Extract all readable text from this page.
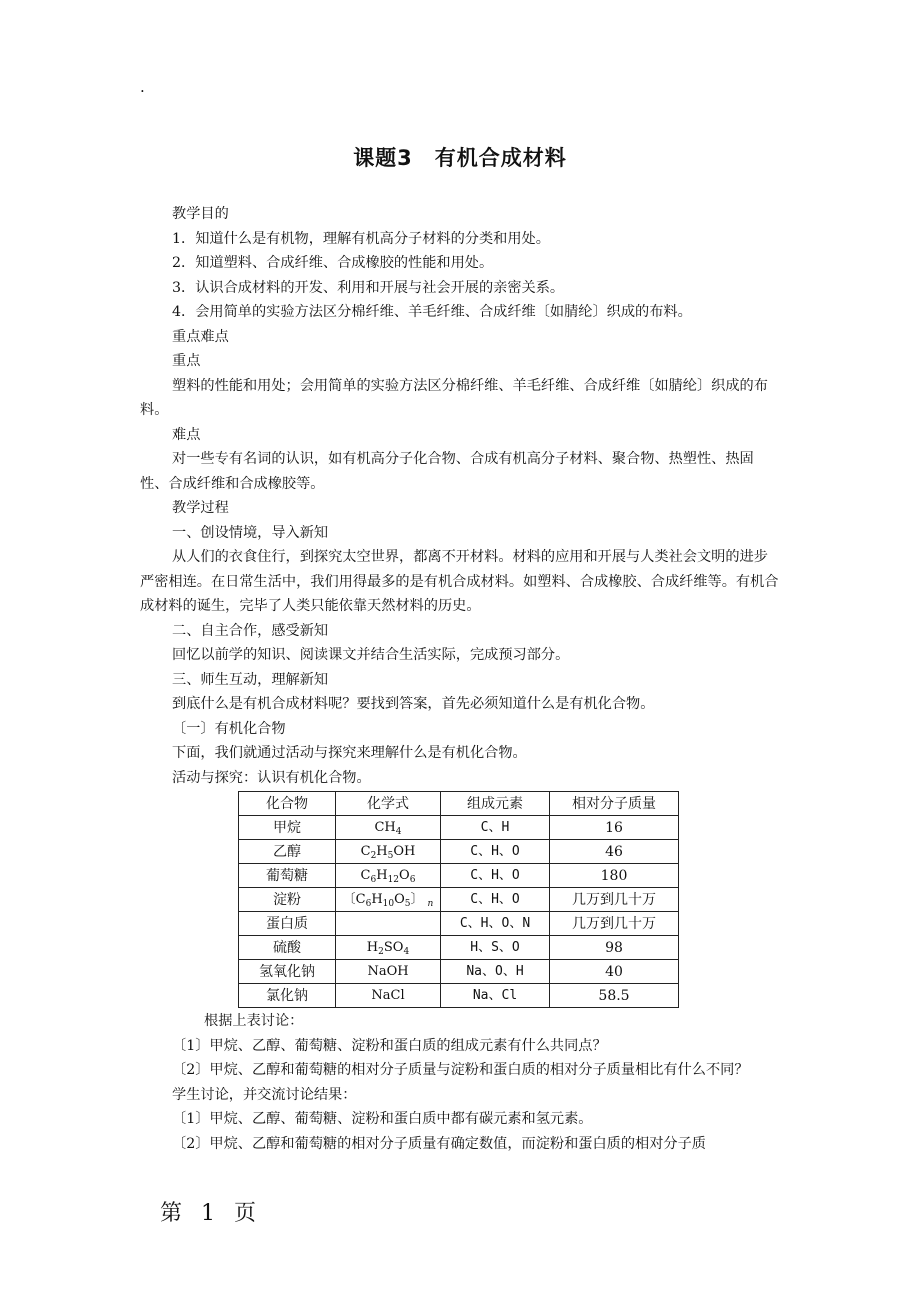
.
课题3　有机合成材料

教学目的

1．知道什么是有机物，理解有机高分子材料的分类和用处。

2．知道塑料、合成纤维、合成橡胶的性能和用处。

3．认识合成材料的开发、利用和开展与社会开展的亲密关系。

4．会用简单的实验方法区分棉纤维、羊毛纤维、合成纤维〔如腈纶〕织成的布料。

重点难点

重点

塑料的性能和用处；会用简单的实验方法区分棉纤维、羊毛纤维、合成纤维〔如腈纶〕织成的布料。

难点

对一些专有名词的认识，如有机高分子化合物、合成有机高分子材料、聚合物、热塑性、热固性、合成纤维和合成橡胶等。

教学过程

一、创设情境，导入新知

从人们的衣食住行，到探究太空世界，都离不开材料。材料的应用和开展与人类社会文明的进步严密相连。在日常生活中，我们用得最多的是有机合成材料。如塑料、合成橡胶、合成纤维等。有机合成材料的诞生，完毕了人类只能依靠天然材料的历史。

二、自主合作，感受新知

回忆以前学的知识、阅读课文并结合生活实际，完成预习部分。

三、师生互动，理解新知

到底什么是有机合成材料呢？要找到答案，首先必须知道什么是有机化合物。

〔一〕有机化合物

下面，我们就通过活动与探究来理解什么是有机化合物。

活动与探究：认识有机化合物。

化合物	化学式	组成元素	相对分子质量
甲烷	$CH_4$	C、H	16
乙醇	$C_2H_5OH$	C、H、O	46
葡萄糖	$C_6H_{12}O_6$	C、H、O	180
淀粉	〔$C_6H_{10}O_5$〕 $_n$	C、H、O	几万到几十万
蛋白质		C、H、O、N	几万到几十万
硫酸	$H_2SO_4$	H、S、O	98
氢氧化钠	NaOH	Na、O、H	40
氯化钠	NaCl	Na、Cl	58.5

根据上表讨论：

〔1〕甲烷、乙醇、葡萄糖、淀粉和蛋白质的组成元素有什么共同点？

〔2〕甲烷、乙醇和葡萄糖的相对分子质量与淀粉和蛋白质的相对分子质量相比有什么不同？

学生讨论，并交流讨论结果：

〔1〕甲烷、乙醇、葡萄糖、淀粉和蛋白质中都有碳元素和氢元素。

〔2〕甲烷、乙醇和葡萄糖的相对分子质量有确定数值，而淀粉和蛋白质的相对分子质

第 1 页
